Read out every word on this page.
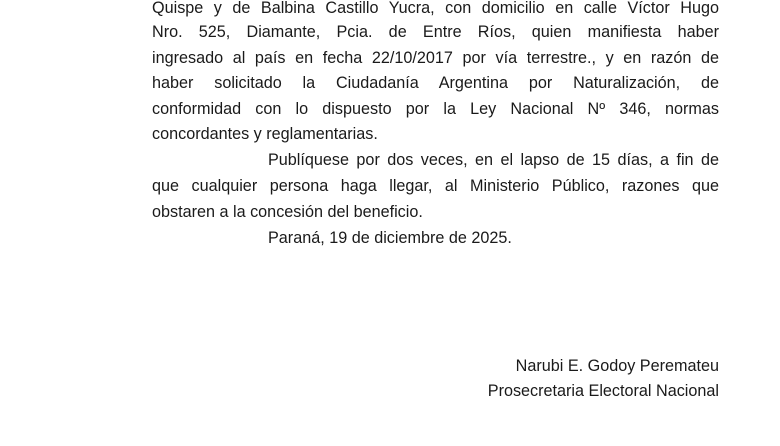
Quispe y de Balbina Castillo Yucra, con domicilio en calle Víctor Hugo
Nro. 525, Diamante, Pcia. de Entre Ríos, quien manifiesta haber
ingresado al país en fecha 22/10/2017 por vía terrestre., y en razón de
haber solicitado la Ciudadanía Argentina por Naturalización, de
conformidad con lo dispuesto por la Ley Nacional Nº 346, normas
concordantes y reglamentarias.
Publíquese por dos veces, en el lapso de 15 días, a fin de
que cualquier persona haga llegar, al Ministerio Público, razones que
obstaren a la concesión del beneficio.
Paraná, 19 de diciembre de 2025.
Narubi E. Godoy Peremateu
Prosecretaria Electoral Nacional
